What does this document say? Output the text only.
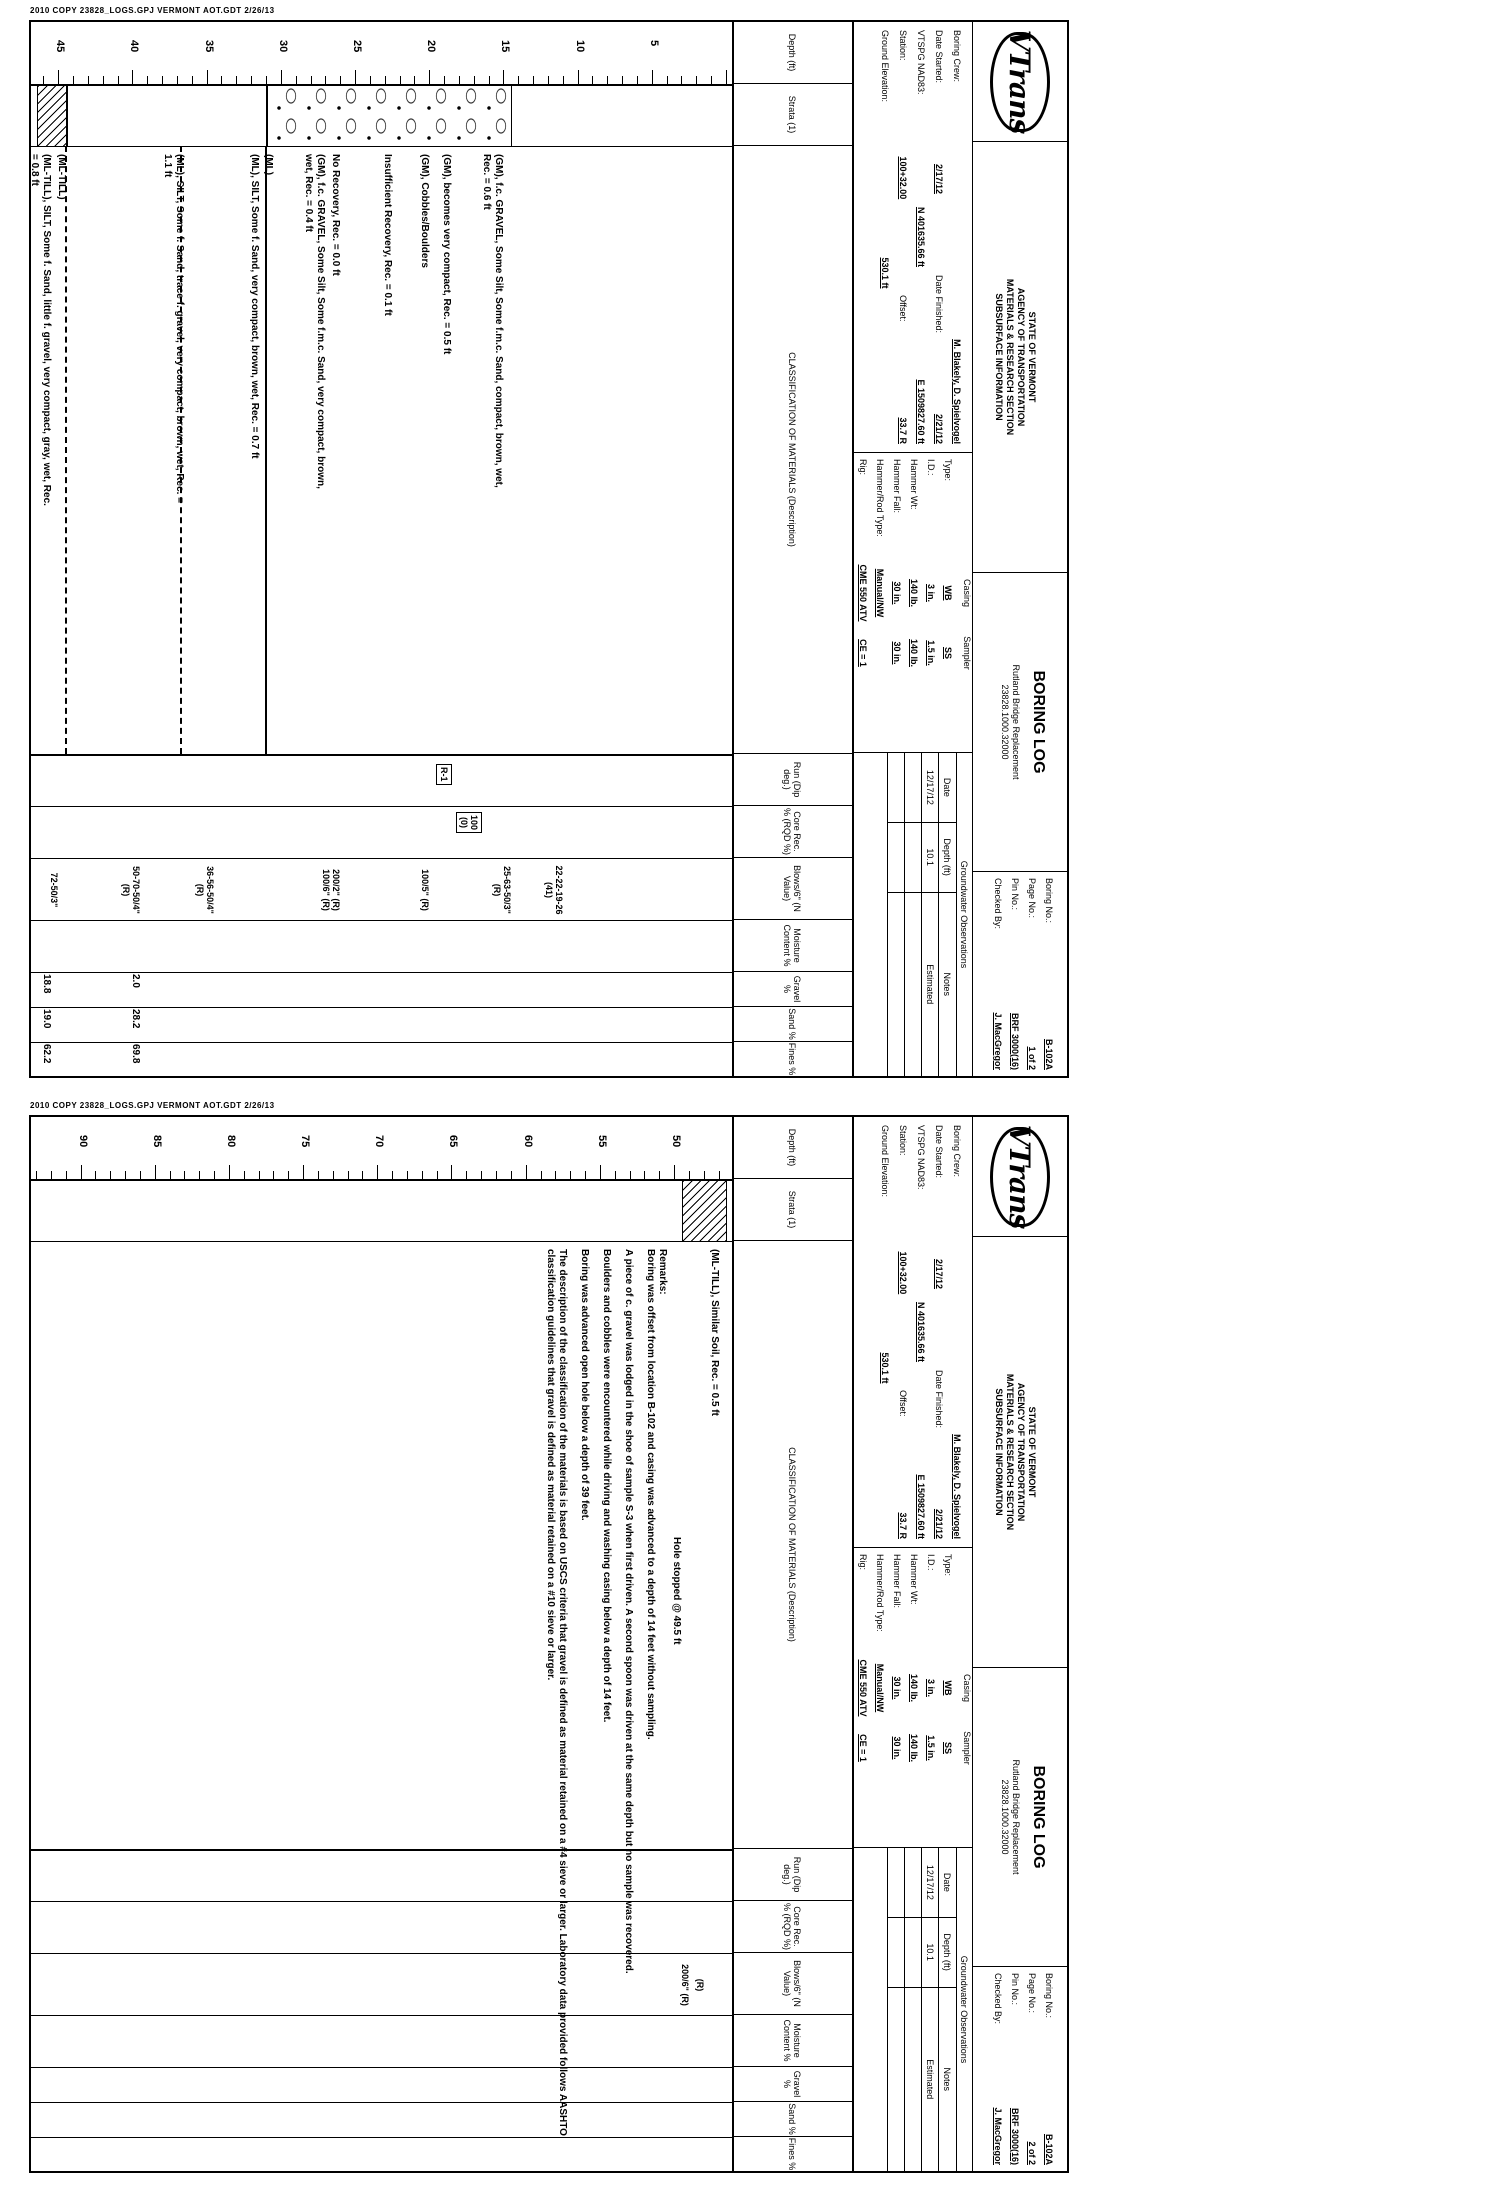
2010 COPY 23828_LOGS.GPJ VERMONT AOT.GDT 2/26/13
VTrans
STATE OF VERMONT
AGENCY OF TRANSPORTATION
MATERIALS & RESEARCH SECTION
SUBSURFACE INFORMATION
BORING LOG
Rutland Bridge Replacement
23828.1000.32000
Boring No.:
B-102A
Page No.:
1 of 2
Pin No.:
BRF 3000(16)
Checked By:
J. MacGregor
Boring Crew:
M. Blakely, D. Spielvogel
Date Started:
2/17/12
Date Finished:
2/21/12
VTSPG NAD83:
N 401635.66 ft
E 1509827.60 ft
Station:
100+32.00
Offset:
33.7 R
Ground Elevation:
530.1 ft
Casing
Sampler
Type:
WB
SS
I.D.:
3 in.
1.5 in.
Hammer Wt:
140 lb.
140 lb.
Hammer Fall:
30 in.
30 in.
Hammer/Rod Type:
Manual/NW
Rig:
CME 550 ATV
CE = 1
Groundwater Observations
Date
Depth (ft)
Notes
12/17/12
10.1
Estimated
Depth (ft)
Strata (1)
CLASSIFICATION OF MATERIALS (Description)
Run (Dip deg.)
Core Rec. % (RQD %)
Blows/6" (N Value)
Moisture Content %
Gravel %
Sand %
Fines %
5
10
15
20
25
30
35
40
45
(GM), f.c. GRAVEL, Some Silt, Some f.m.c. Sand, compact, brown, wet,
Rec. = 0.6 ft
(GM), becomes very compact, Rec. = 0.5 ft
(GM), Cobbles/Boulders
Insufficient Recovery, Rec. = 0.1 ft
No Recovery, Rec. = 0.0 ft
(GM), f.c. GRAVEL, Some Silt, Some f.m.c. Sand, very compact, brown,
wet, Rec. = 0.4 ft
(ML)
(ML), SILT, Some f. Sand, very compact, brown, wet, Rec. = 0.7 ft
(ML), SILT, Some f. Sand, trace f. gravel, very compact, brown, wet, Rec. =
1.1 ft
(ML-TILL)
(ML-TILL), SILT, Some f. Sand, little f. gravel, very compact, gray, wet, Rec.
= 0.8 ft
R-1
100
(0)
22-22-19-26 (41)
25-63-50/3" (R)
100/5" (R)
200/2" (R) 100/6" (R)
36-56-50/4" (R)
50-70-50/4" (R)
72-50/3"
2.0
28.2
69.8
18.8
19.0
62.2
2010 COPY 23828_LOGS.GPJ VERMONT AOT.GDT 2/26/13
VTrans
STATE OF VERMONT
AGENCY OF TRANSPORTATION
MATERIALS & RESEARCH SECTION
SUBSURFACE INFORMATION
BORING LOG
Rutland Bridge Replacement
23828.1000.32000
Boring No.:
B-102A
Page No.:
2 of 2
Pin No.:
BRF 3000(16)
Checked By:
J. MacGregor
Boring Crew:
M. Blakely, D. Spielvogel
Date Started:
2/17/12
Date Finished:
2/21/12
VTSPG NAD83:
N 401635.66 ft
E 1509827.60 ft
Station:
100+32.00
Offset:
33.7 R
Ground Elevation:
530.1 ft
Casing
Sampler
Type:
WB
SS
I.D.:
3 in.
1.5 in.
Hammer Wt:
140 lb.
140 lb.
Hammer Fall:
30 in.
30 in.
Hammer/Rod Type:
Manual/NW
Rig:
CME 550 ATV
CE = 1
Groundwater Observations
Date
Depth (ft)
Notes
12/17/12
10.1
Estimated
Depth (ft)
Strata (1)
CLASSIFICATION OF MATERIALS (Description)
Run (Dip deg.)
Core Rec. % (RQD %)
Blows/6" (N Value)
Moisture Content %
Gravel %
Sand %
Fines %
50
55
60
65
70
75
80
85
90
(ML-TILL), Similar Soil, Rec. = 0.5 ft
Hole stopped @ 49.5 ft
Remarks:
Boring was offset from location B-102 and casing was advanced to a depth of 14 feet without sampling.
A piece of c. gravel was lodged in the shoe of sample S-3 when first driven. A second spoon was driven at the same depth but no sample was recovered.
Boulders and cobbles were encountered while driving and washing casing below a depth of 14 feet.
Boring was advanced open hole below a depth of 39 feet.
The description of the classification of the materials is based on USCS criteria that gravel is defined as material retained on a #4 sieve or larger. Laboratory data provided follows AASHTO classification guidelines that gravel is defined as material retained on a #10 sieve or larger.
(R)
200/6" (R)
